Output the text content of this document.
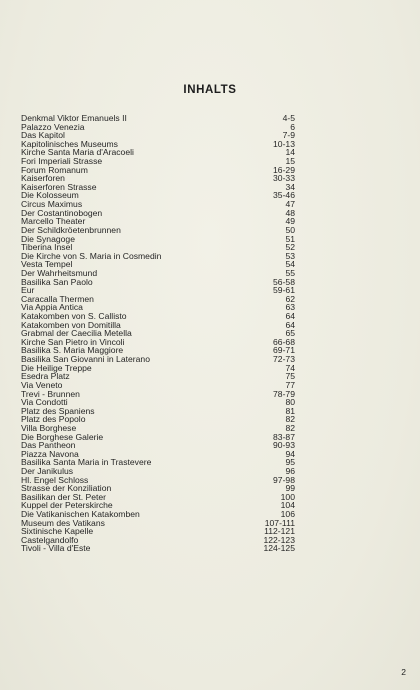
INHALTS
Denkmal Viktor Emanuels II	4-5
Palazzo Venezia	6
Das Kapitol	7-9
Kapitolinisches Museums	10-13
Kirche Santa Maria d'Aracoeli	14
Fori Imperiali Strasse	15
Forum Romanum	16-29
Kaiserforen	30-33
Kaiserforen Strasse	34
Die Kolosseum	35-46
Circus Maximus	47
Der Costantinobogen	48
Marcello Theater	49
Der Schildkröetenbrunnen	50
Die Synagoge	51
Tiberina Insel	52
Die Kirche von S. Maria in Cosmedin	53
Vesta Tempel	54
Der Wahrheitsmund	55
Basilika San Paolo	56-58
Eur	59-61
Caracalla Thermen	62
Via Appia Antica	63
Katakomben von S. Callisto	64
Katakomben von Domitilla	64
Grabmal der Caecilia Metella	65
Kirche San Pietro in Vincoli	66-68
Basilika S. Maria Maggiore	69-71
Basilika San Giovanni in Laterano	72-73
Die Heilige Treppe	74
Esedra Platz	75
Via Veneto	77
Trevi - Brunnen	78-79
Via Condotti	80
Platz des Spaniens	81
Platz des Popolo	82
Villa Borghese	82
Die Borghese Galerie	83-87
Das Pantheon	90-93
Piazza Navona	94
Basilika Santa Maria in Trastevere	95
Der Janikulus	96
Hl. Engel Schloss	97-98
Strasse der Konziliation	99
Basilikan der St. Peter	100
Kuppel der Peterskirche	104
Die Vatikanischen Katakomben	106
Museum des Vatikans	107-111
Sixtinische Kapelle	112-121
Castelgandolfo	122-123
Tivoli - Villa d'Este	124-125
2
